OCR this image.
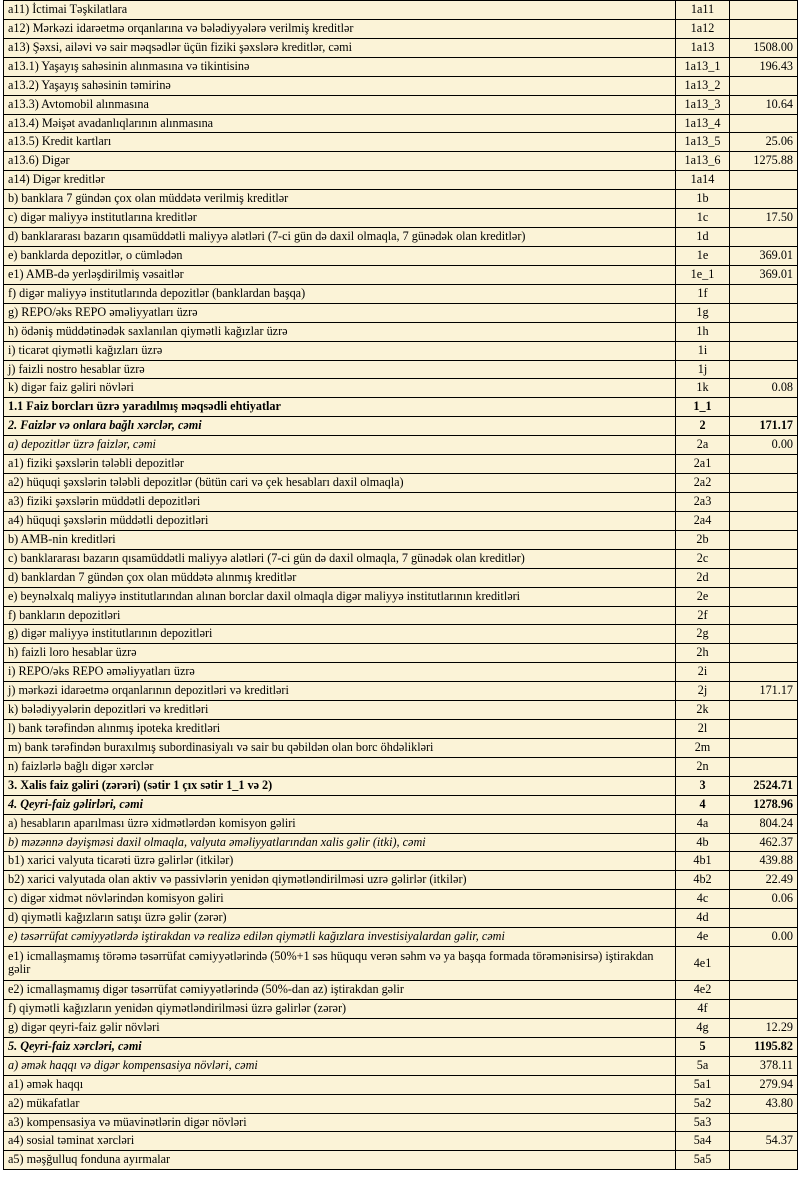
a11) İctimai Təşkilatlara	1a11	
a12) Mərkəzi idarəetmə orqanlarına və bələdiyyələrə verilmiş kreditlər	1a12	
a13) Şəxsi, ailəvi və sair məqsədlər üçün fiziki şəxslərə kreditlər, cəmi	1a13	1508.00
a13.1) Yaşayış sahəsinin alınmasına və tikintisinə	1a13_1	196.43
a13.2) Yaşayış sahəsinin təmirinə	1a13_2	
a13.3) Avtomobil alınmasına	1a13_3	10.64
a13.4) Məişət avadanlıqlarının alınmasına	1a13_4	
a13.5) Kredit kartları	1a13_5	25.06
a13.6) Digər	1a13_6	1275.88
a14) Digər kreditlər	1a14	
b) banklara 7 gündən çox olan müddətə verilmiş kreditlər	1b	
c) digər maliyyə institutlarına kreditlər	1c	17.50
d) banklararası bazarın qısamüddətli maliyyə alətləri (7-ci gün də daxil olmaqla, 7 günədək olan kreditlər)	1d	
e) banklarda depozitlər, o cümlədən	1e	369.01
e1) AMB-də yerləşdirilmiş vəsaitlər	1e_1	369.01
f) digər maliyyə institutlarında depozitlər (banklardan başqa)	1f	
g) REPO/əks REPO əməliyyatları üzrə	1g	
h) ödəniş müddətinədək saxlanılan qiymətli kağızlar üzrə	1h	
i) ticarət qiymətli kağızları üzrə	1i	
j) faizli nostro hesablar üzrə	1j	
k) digər faiz gəliri növləri	1k	0.08
1.1 Faiz borcları üzrə yaradılmış məqsədli ehtiyatlar	1_1	
2. Faizlər və onlara bağlı xərclər, cəmi	2	171.17
a) depozitlər üzrə faizlər, cəmi	2a	0.00
a1) fiziki şəxslərin tələbli depozitlər	2a1	
a2) hüquqi şəxslərin tələbli depozitlər (bütün cari və çek hesabları daxil olmaqla)	2a2	
a3) fiziki şəxslərin müddətli depozitləri	2a3	
a4) hüquqi şəxslərin müddətli depozitləri	2a4	
b) AMB-nin kreditləri	2b	
c) banklararası bazarın qısamüddətli maliyyə alətləri (7-ci gün də daxil olmaqla, 7 günədək olan kreditlər)	2c	
d) banklardan 7 gündən çox olan müddətə alınmış kreditlər	2d	
e) beynəlxalq maliyyə institutlarından alınan borclar daxil olmaqla digər maliyyə institutlarının kreditləri	2e	
f) bankların depozitləri	2f	
g) digər maliyyə institutlarının depozitləri	2g	
h) faizli loro hesablar üzrə	2h	
i) REPO/əks REPO əməliyyatları üzrə	2i	
j) mərkəzi idarəetmə orqanlarının depozitləri və kreditləri	2j	171.17
k) bələdiyyələrin depozitləri və kreditləri	2k	
l) bank tərəfindən alınmış ipoteka kreditləri	2l	
m) bank tərəfindən buraxılmış subordinasiyalı və sair bu qəbildən olan borc öhdəlikləri	2m	
n) faizlərlə bağlı digər xərclər	2n	
3. Xalis faiz gəliri (zərəri) (sətir 1 çıx sətir 1_1 və 2)	3	2524.71
4. Qeyri-faiz gəlirləri, cəmi	4	1278.96
a) hesabların aparılması üzrə xidmətlərdən komisyon gəliri	4a	804.24
b) məzənnə dəyişməsi daxil olmaqla, valyuta əməliyyatlarından xalis gəlir (itki), cəmi	4b	462.37
b1) xarici valyuta ticarəti üzrə gəlirlər (itkilər)	4b1	439.88
b2) xarici valyutada olan aktiv və passivlərin yenidən qiymətləndirilməsi uzrə gəlirlər (itkilər)	4b2	22.49
c) digər xidmət növlərindən komisyon gəliri	4c	0.06
d) qiymətli kağızların satışı üzrə gəlir (zərər)	4d	
e) təsərrüfat cəmiyyətlərdə iştirakdan və realizə edilən qiymətli kağızlara investisiyalardan gəlir, cəmi	4e	0.00
e1) icmallaşmamış törəmə təsərrüfat cəmiyyətlərində (50%+1 səs hüququ verən səhm və ya başqa formada törəmənisirsə) iştirakdan gəlir	4e1	
e2) icmallaşmamış digər təsərrüfat cəmiyyətlərində (50%-dan az) iştirakdan gəlir	4e2	
f) qiymətli kağızların yenidən qiymətləndirilməsi üzrə gəlirlər (zərər)	4f	
g) digər qeyri-faiz gəlir növləri	4g	12.29
5. Qeyri-faiz xərcləri, cəmi	5	1195.82
a) əmək haqqı və digər kompensasiya növləri, cəmi	5a	378.11
a1) əmək haqqı	5a1	279.94
a2) mükafatlar	5a2	43.80
a3) kompensasiya və müavinətlərin digər növləri	5a3	
a4) sosial təminat xərcləri	5a4	54.37
a5) məşğulluq fonduna ayırmalar	5a5	
